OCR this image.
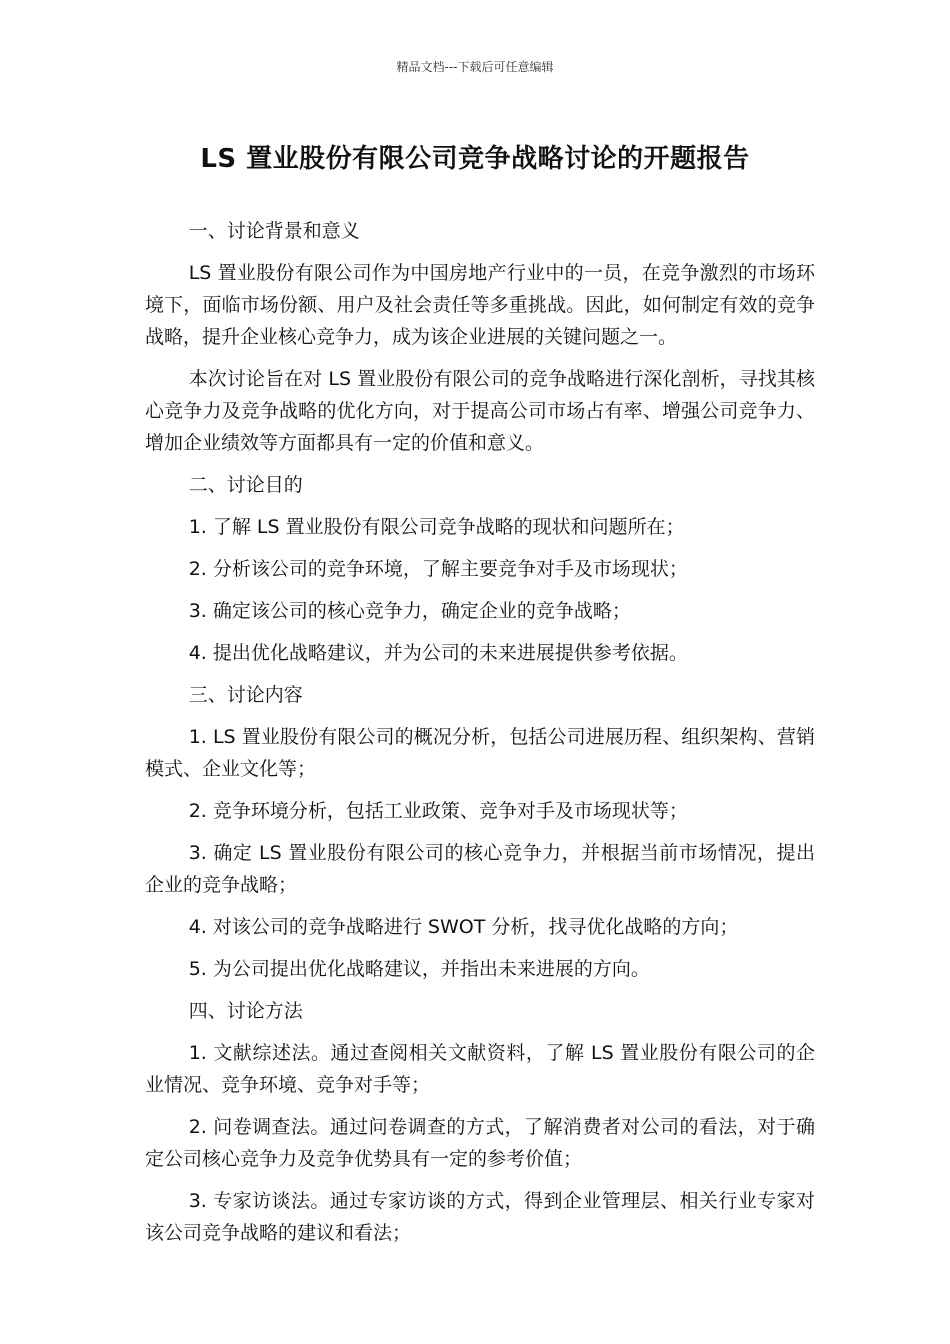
精品文档---下载后可任意编辑
LS 置业股份有限公司竞争战略讨论的开题报告

一、讨论背景和意义

LS 置业股份有限公司作为中国房地产行业中的一员，在竞争激烈的市场环境下，面临市场份额、用户及社会责任等多重挑战。因此，如何制定有效的竞争战略，提升企业核心竞争力，成为该企业进展的关键问题之一。

本次讨论旨在对 LS 置业股份有限公司的竞争战略进行深化剖析，寻找其核心竞争力及竞争战略的优化方向，对于提高公司市场占有率、增强公司竞争力、增加企业绩效等方面都具有一定的价值和意义。

二、讨论目的

1. 了解 LS 置业股份有限公司竞争战略的现状和问题所在；

2. 分析该公司的竞争环境，了解主要竞争对手及市场现状；

3. 确定该公司的核心竞争力，确定企业的竞争战略；

4. 提出优化战略建议，并为公司的未来进展提供参考依据。

三、讨论内容

1. LS 置业股份有限公司的概况分析，包括公司进展历程、组织架构、营销模式、企业文化等；

2. 竞争环境分析，包括工业政策、竞争对手及市场现状等；

3. 确定 LS 置业股份有限公司的核心竞争力，并根据当前市场情况，提出企业的竞争战略；

4. 对该公司的竞争战略进行 SWOT 分析，找寻优化战略的方向；

5. 为公司提出优化战略建议，并指出未来进展的方向。

四、讨论方法

1. 文献综述法。通过查阅相关文献资料，了解 LS 置业股份有限公司的企业情况、竞争环境、竞争对手等；

2. 问卷调查法。通过问卷调查的方式，了解消费者对公司的看法，对于确定公司核心竞争力及竞争优势具有一定的参考价值；

3. 专家访谈法。通过专家访谈的方式，得到企业管理层、相关行业专家对该公司竞争战略的建议和看法；
